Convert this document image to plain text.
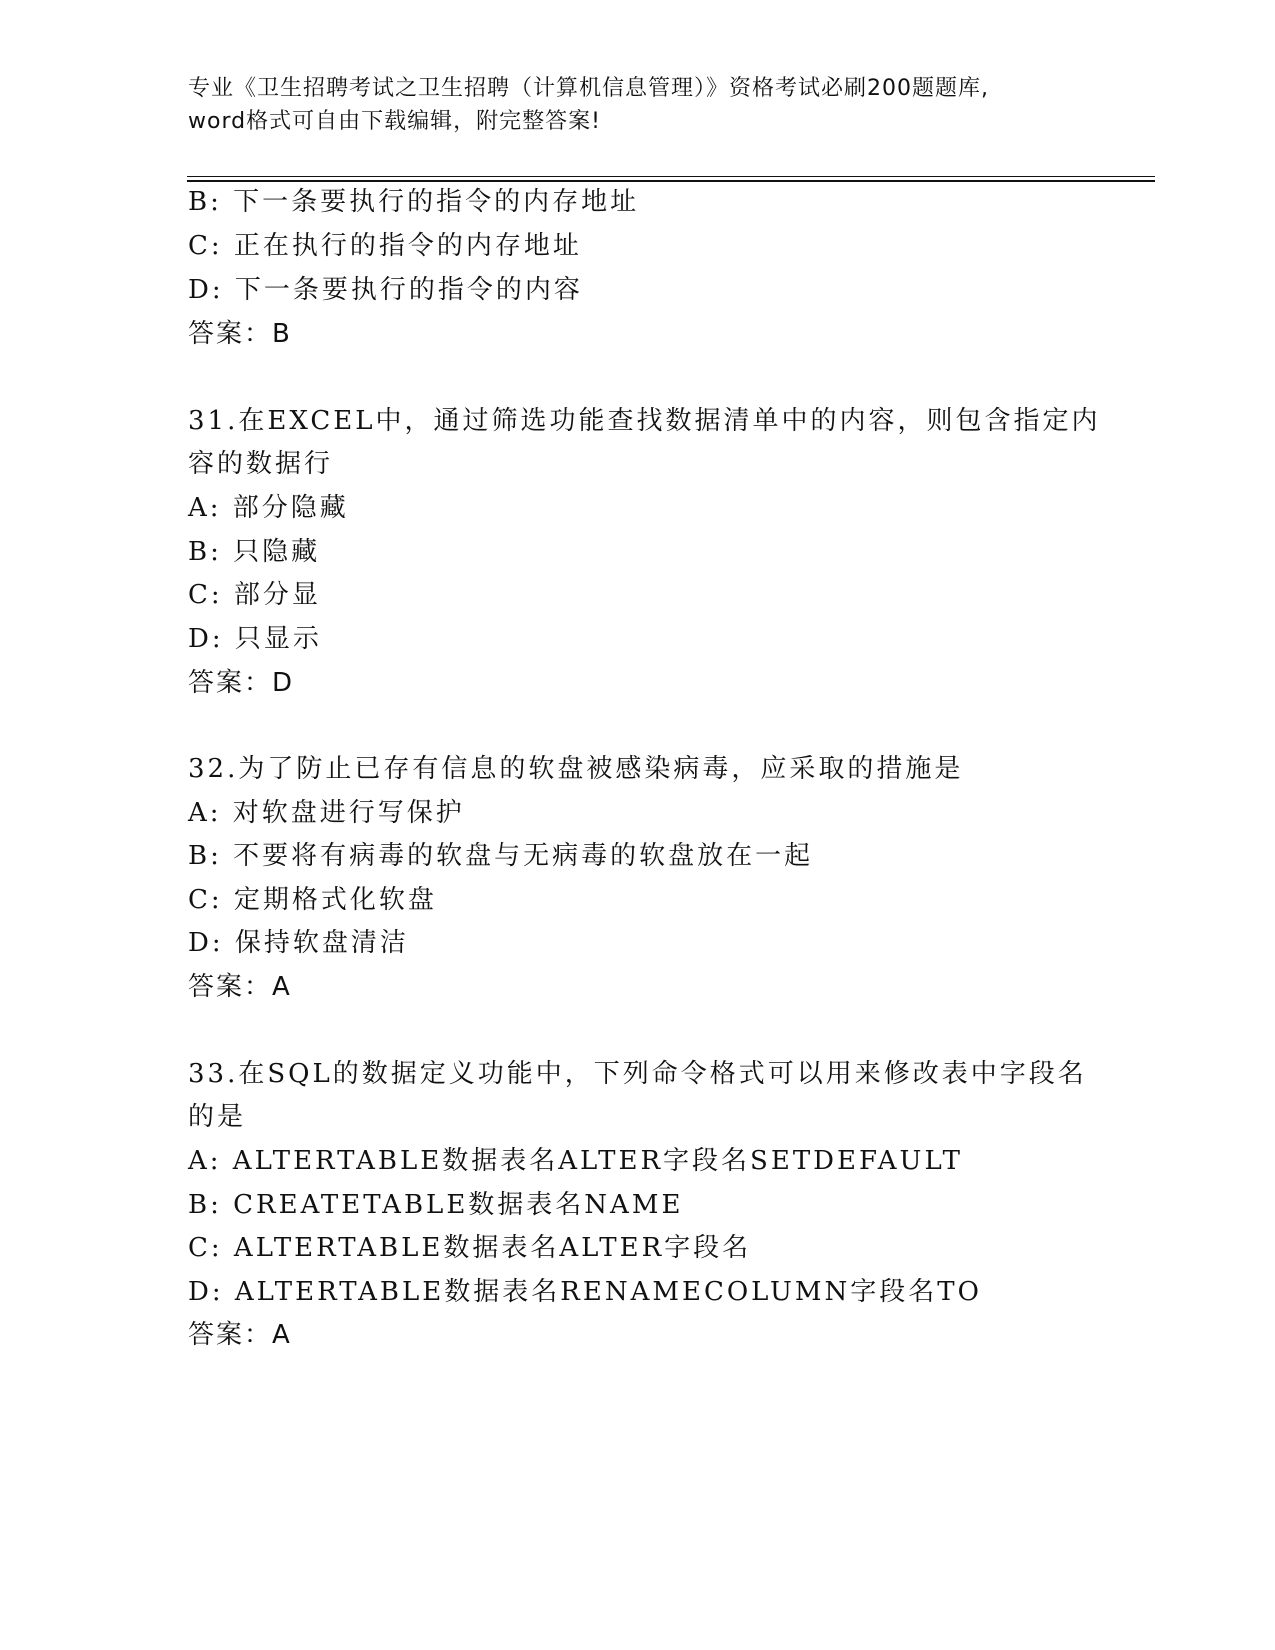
专业《卫生招聘考试之卫生招聘（计算机信息管理）》资格考试必刷200题题库,
word格式可自由下载编辑，附完整答案!
B: 下一条要执行的指令的内存地址
C: 正在执行的指令的内存地址
D: 下一条要执行的指令的内容
答案：B
31.在EXCEL中，通过筛选功能查找数据清单中的内容，则包含指定内
容的数据行
A: 部分隐藏
B: 只隐藏
C: 部分显
D: 只显示
答案：D
32.为了防止已存有信息的软盘被感染病毒，应采取的措施是
A: 对软盘进行写保护
B: 不要将有病毒的软盘与无病毒的软盘放在一起
C: 定期格式化软盘
D: 保持软盘清洁
答案：A
33.在SQL的数据定义功能中，下列命令格式可以用来修改表中字段名
的是
A: ALTERTABLE数据表名ALTER字段名SETDEFAULT
B: CREATETABLE数据表名NAME
C: ALTERTABLE数据表名ALTER字段名
D: ALTERTABLE数据表名RENAMECOLUMN字段名TO
答案：A
